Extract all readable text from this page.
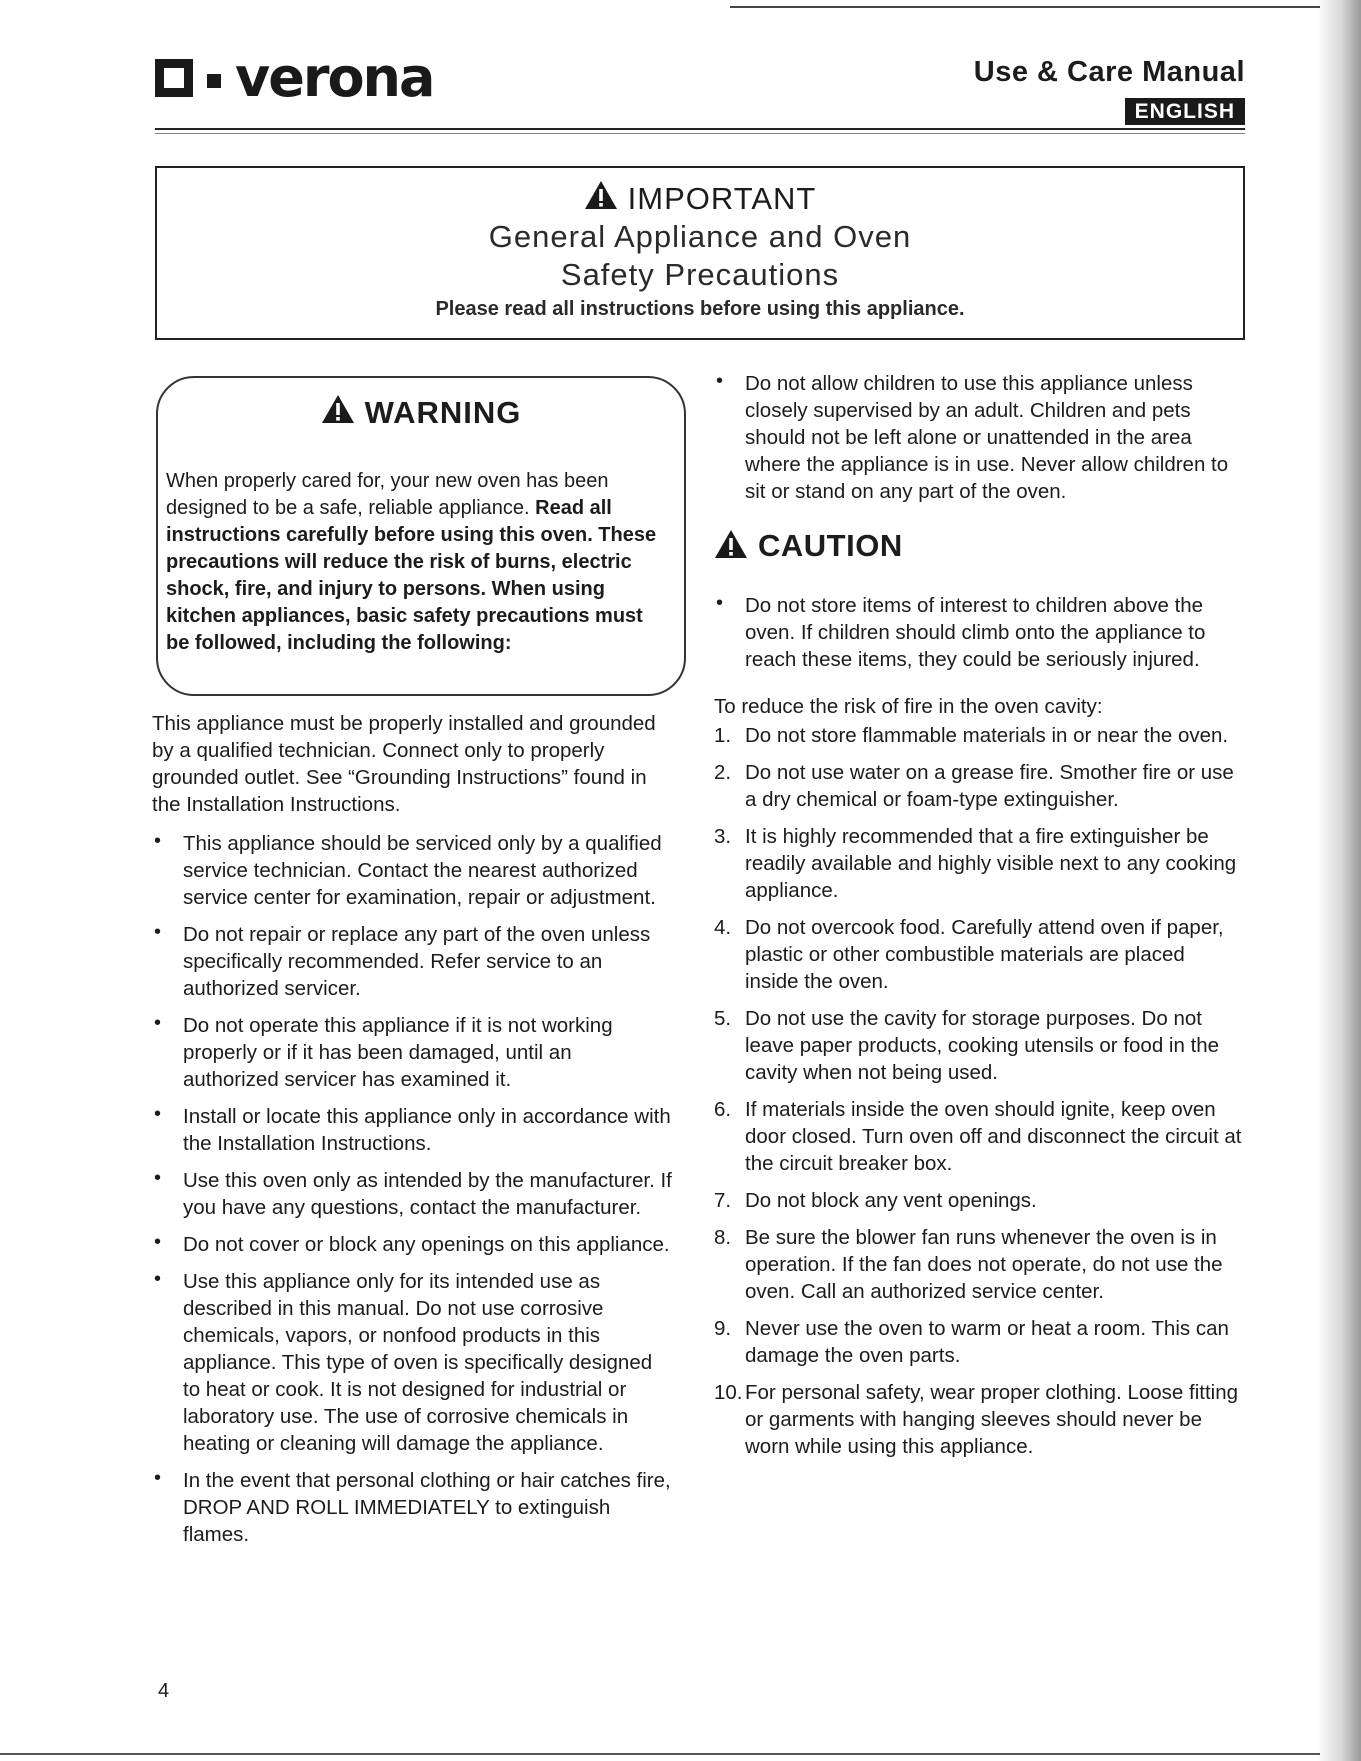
verona	Use & Care Manual
ENGLISH
IMPORTANT
General Appliance and Oven
Safety Precautions
Please read all instructions before using this appliance.
WARNING
When properly cared for, your new oven has been designed to be a safe, reliable appliance. Read all instructions carefully before using this oven. These precautions will reduce the risk of burns, electric shock, fire, and injury to persons. When using kitchen appliances, basic safety precautions must be followed, including the following:

This appliance must be properly installed and grounded by a qualified technician. Connect only to properly grounded outlet. See “Grounding Instructions” found in the Installation Instructions.

• This appliance should be serviced only by a qualified service technician. Contact the nearest authorized service center for examination, repair or adjustment.
• Do not repair or replace any part of the oven unless specifically recommended. Refer service to an authorized servicer.
• Do not operate this appliance if it is not working properly or if it has been damaged, until an authorized servicer has examined it.
• Install or locate this appliance only in accordance with the Installation Instructions.
• Use this oven only as intended by the manufacturer. If you have any questions, contact the manufacturer.
• Do not cover or block any openings on this appliance.
• Use this appliance only for its intended use as described in this manual. Do not use corrosive chemicals, vapors, or nonfood products in this appliance. This type of oven is specifically designed to heat or cook. It is not designed for industrial or laboratory use. The use of corrosive chemicals in heating or cleaning will damage the appliance.
• In the event that personal clothing or hair catches fire, DROP AND ROLL IMMEDIATELY to extinguish flames.
• Do not allow children to use this appliance unless closely supervised by an adult. Children and pets should not be left alone or unattended in the area where the appliance is in use. Never allow children to sit or stand on any part of the oven.
CAUTION
• Do not store items of interest to children above the oven. If children should climb onto the appliance to reach these items, they could be seriously injured.

To reduce the risk of fire in the oven cavity:

1. Do not store flammable materials in or near the oven.
2. Do not use water on a grease fire. Smother fire or use a dry chemical or foam-type extinguisher.
3. It is highly recommended that a fire extinguisher be readily available and highly visible next to any cooking appliance.
4. Do not overcook food. Carefully attend oven if paper, plastic or other combustible materials are placed inside the oven.
5. Do not use the cavity for storage purposes. Do not leave paper products, cooking utensils or food in the cavity when not being used.
6. If materials inside the oven should ignite, keep oven door closed. Turn oven off and disconnect the circuit at the circuit breaker box.
7. Do not block any vent openings.
8. Be sure the blower fan runs whenever the oven is in operation. If the fan does not operate, do not use the oven. Call an authorized service center.
9. Never use the oven to warm or heat a room. This can damage the oven parts.
10. For personal safety, wear proper clothing. Loose fitting or garments with hanging sleeves should never be worn while using this appliance.
4
